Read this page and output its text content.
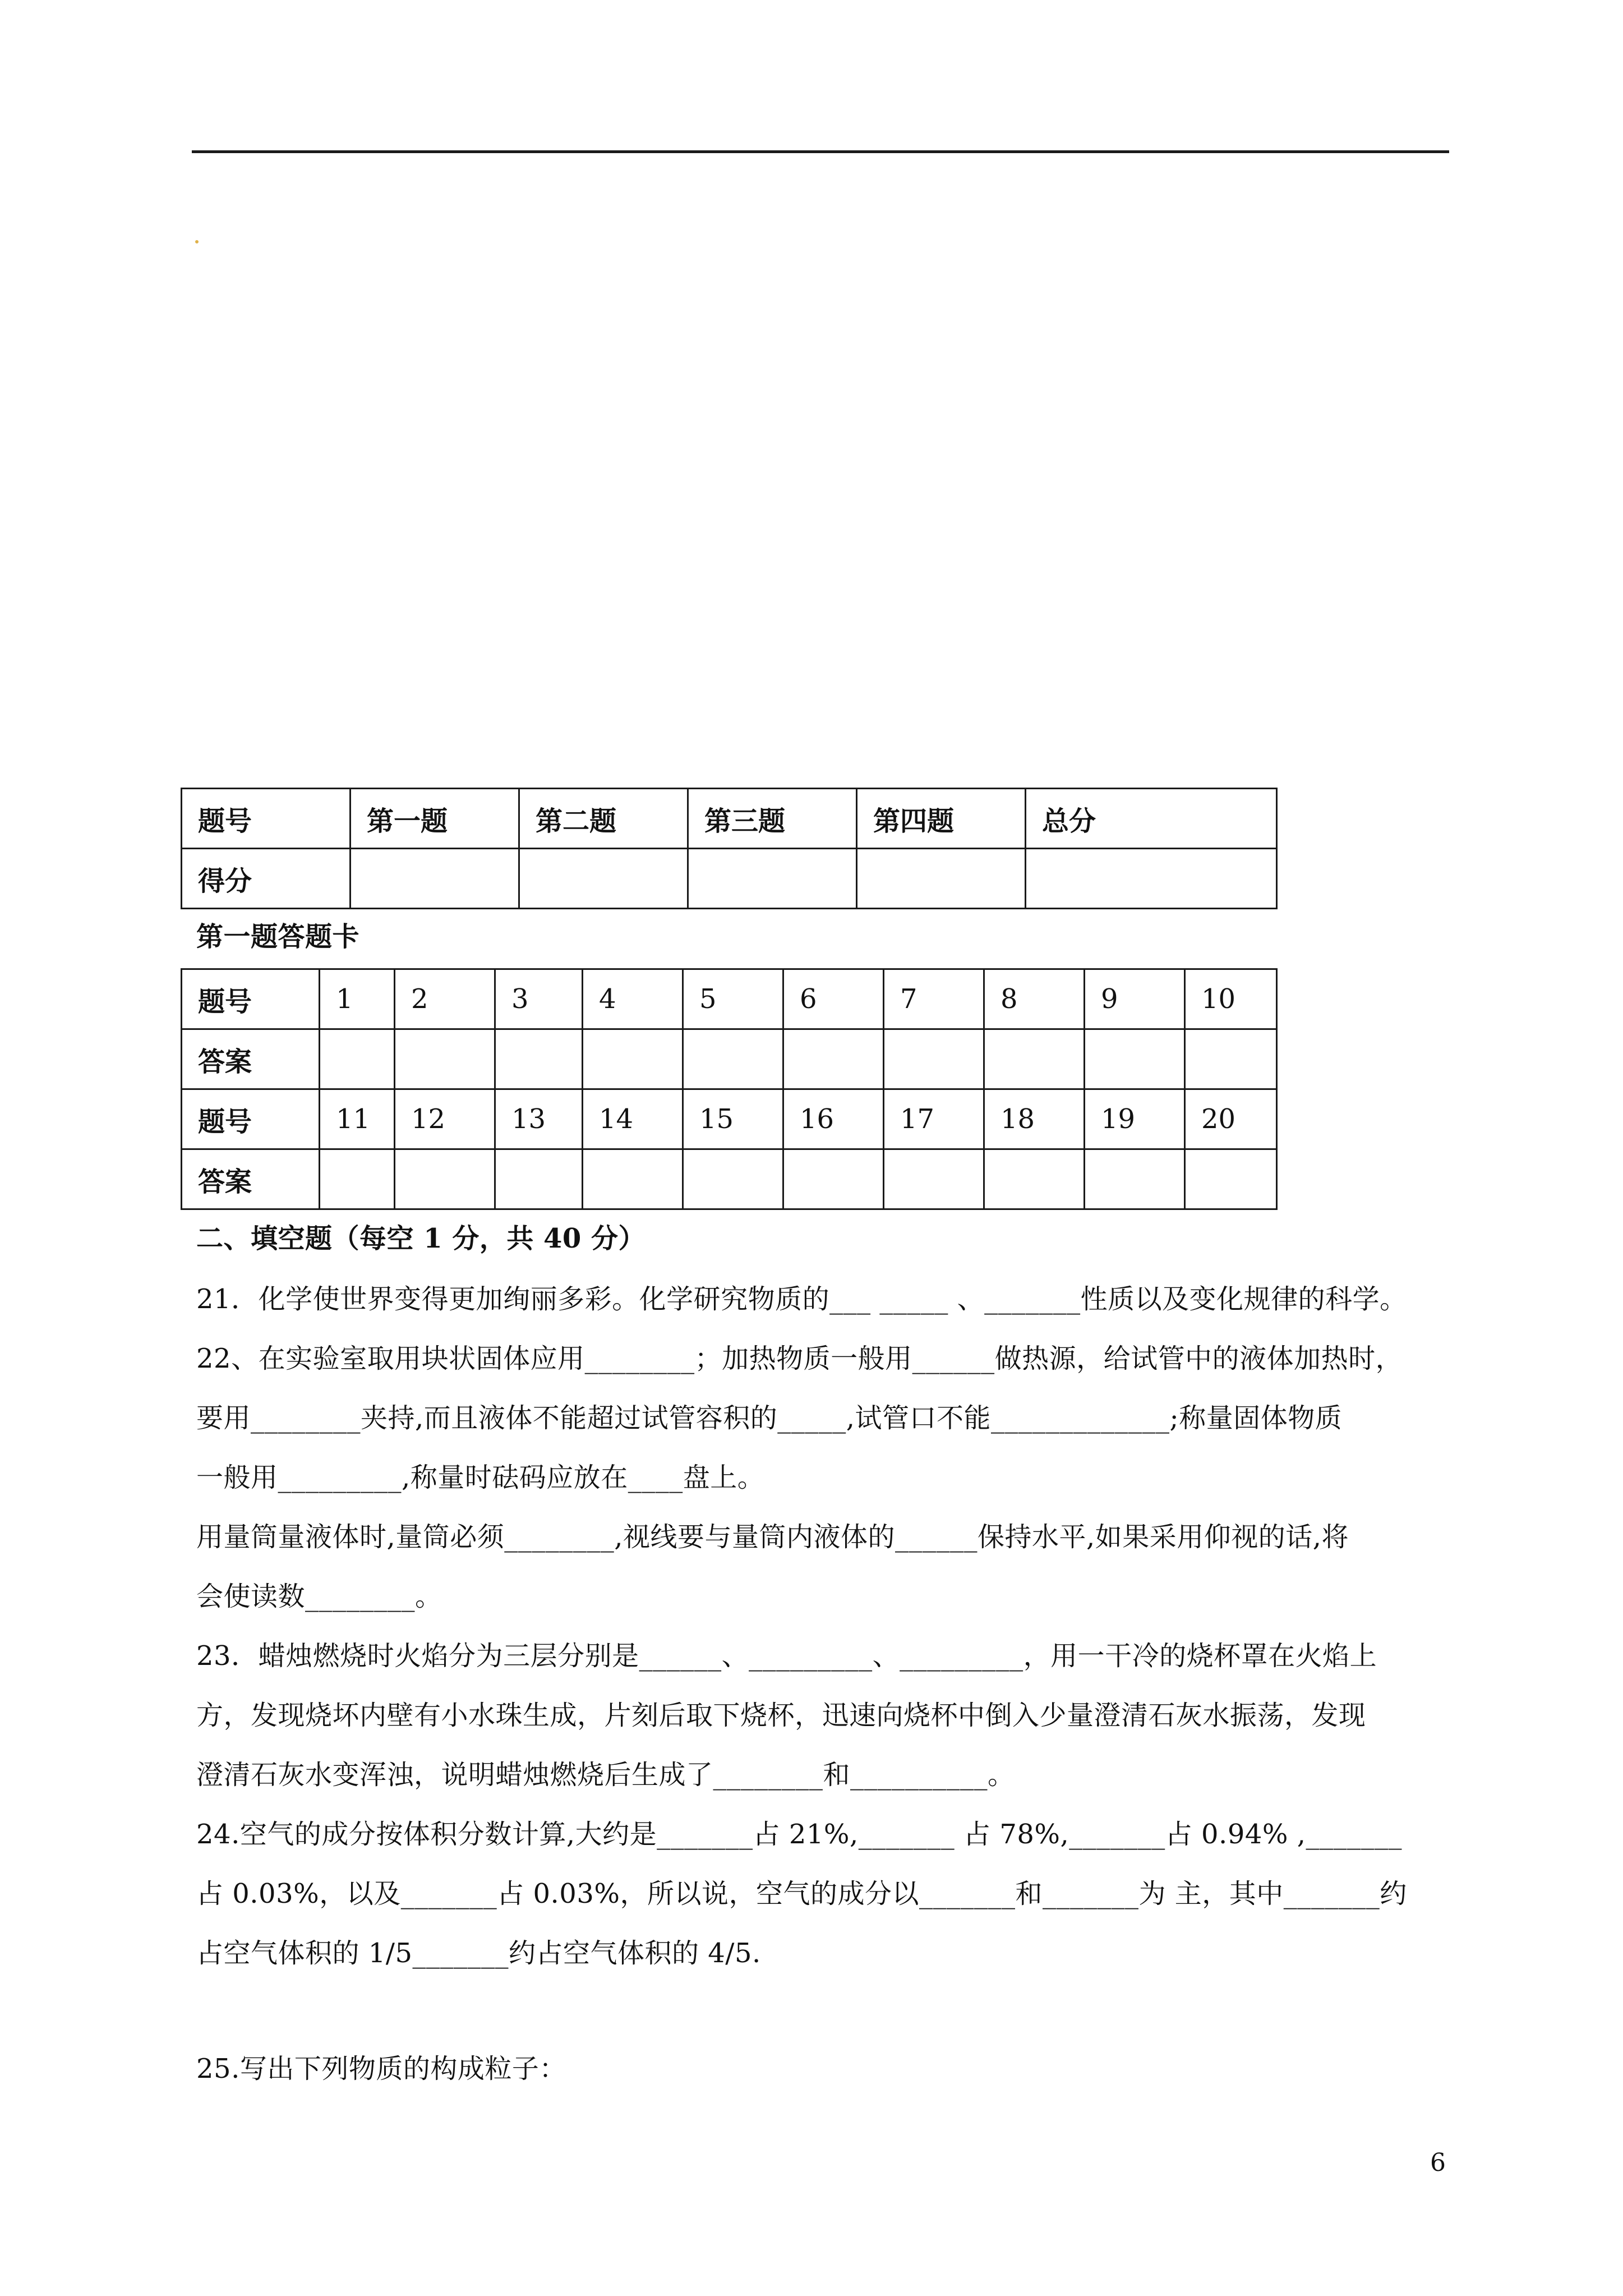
题号	第一题	第二题	第三题	第四题	总分
得分					
第一题答题卡
题号	1	2	3	4	5	6	7	8	9	10
答案										
题号	11	12	13	14	15	16	17	18	19	20
答案										
二、填空题（每空 1 分，共 40 分）
21．化学使世界变得更加绚丽多彩。化学研究物质的___ _____ 、_______性质以及变化规律的科学。
22、在实验室取用块状固体应用________；加热物质一般用______做热源，给试管中的液体加热时，
要用________夹持,而且液体不能超过试管容积的_____,试管口不能_____________;称量固体物质
一般用_________,称量时砝码应放在____盘上。
用量筒量液体时,量筒必须________,视线要与量筒内液体的______保持水平,如果采用仰视的话,将
会使读数________。
23．蜡烛燃烧时火焰分为三层分别是______、_________、_________，用一干冷的烧杯罩在火焰上
方，发现烧坏内壁有小水珠生成，片刻后取下烧杯，迅速向烧杯中倒入少量澄清石灰水振荡，发现
澄清石灰水变浑浊，说明蜡烛燃烧后生成了________和__________。
24.空气的成分按体积分数计算,大约是_______占 21%,_______ 占 78%,_______占 0.94% ,_______
占 0.03%，以及_______占 0.03%，所以说，空气的成分以_______和_______为 主，其中_______约
占空气体积的 1/5_______约占空气体积的 4/5.
25.写出下列物质的构成粒子：
6
